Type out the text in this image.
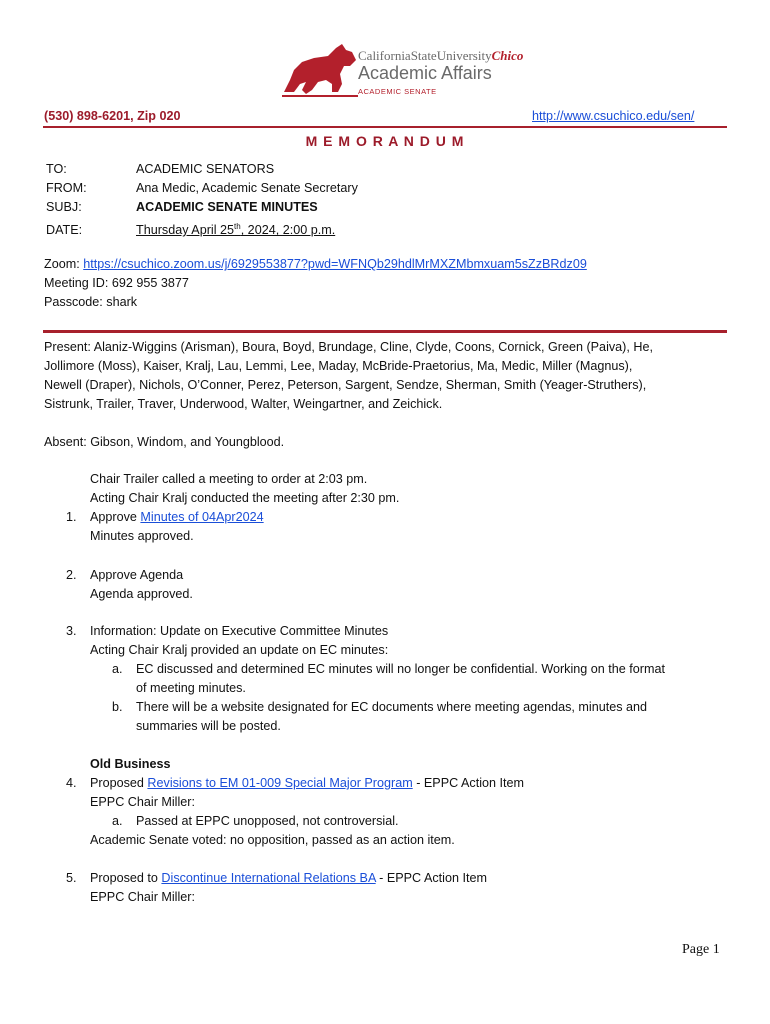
CaliforniaStateUniversityChico
Academic Affairs
ACADEMIC SENATE
(530) 898-6201, Zip 020	http://www.csuchico.edu/sen/
M E M O R A N D U M
TO:	ACADEMIC SENATORS
FROM:	Ana Medic, Academic Senate Secretary
SUBJ:	ACADEMIC SENATE MINUTES
DATE:	Thursday April 25th, 2024, 2:00 p.m.
Zoom: https://csuchico.zoom.us/j/6929553877?pwd=WFNQb29hdlMrMXZMbmxuam5sZzBRdz09
Meeting ID: 692 955 3877
Passcode: shark
Present: Alaniz-Wiggins (Arisman), Boura, Boyd, Brundage, Cline, Clyde, Coons, Cornick, Green (Paiva), He,
Jollimore (Moss), Kaiser, Kralj, Lau, Lemmi, Lee, Maday, McBride-Praetorius, Ma, Medic, Miller (Magnus),
Newell (Draper), Nichols, O’Conner, Perez, Peterson, Sargent, Sendze, Sherman, Smith (Yeager-Struthers),
Sistrunk, Trailer, Traver, Underwood, Walter, Weingartner, and Zeichick.
Absent: Gibson, Windom, and Youngblood.
Chair Trailer called a meeting to order at 2:03 pm.
Acting Chair Kralj conducted the meeting after 2:30 pm.
1. Approve Minutes of 04Apr2024
Minutes approved.
2. Approve Agenda
Agenda approved.
3. Information: Update on Executive Committee Minutes
Acting Chair Kralj provided an update on EC minutes:
a. EC discussed and determined EC minutes will no longer be confidential. Working on the format
of meeting minutes.
b. There will be a website designated for EC documents where meeting agendas, minutes and
summaries will be posted.
Old Business
4. Proposed Revisions to EM 01-009 Special Major Program - EPPC Action Item
EPPC Chair Miller:
a. Passed at EPPC unopposed, not controversial.
Academic Senate voted: no opposition, passed as an action item.
5. Proposed to Discontinue International Relations BA - EPPC Action Item
EPPC Chair Miller:
Page 1
